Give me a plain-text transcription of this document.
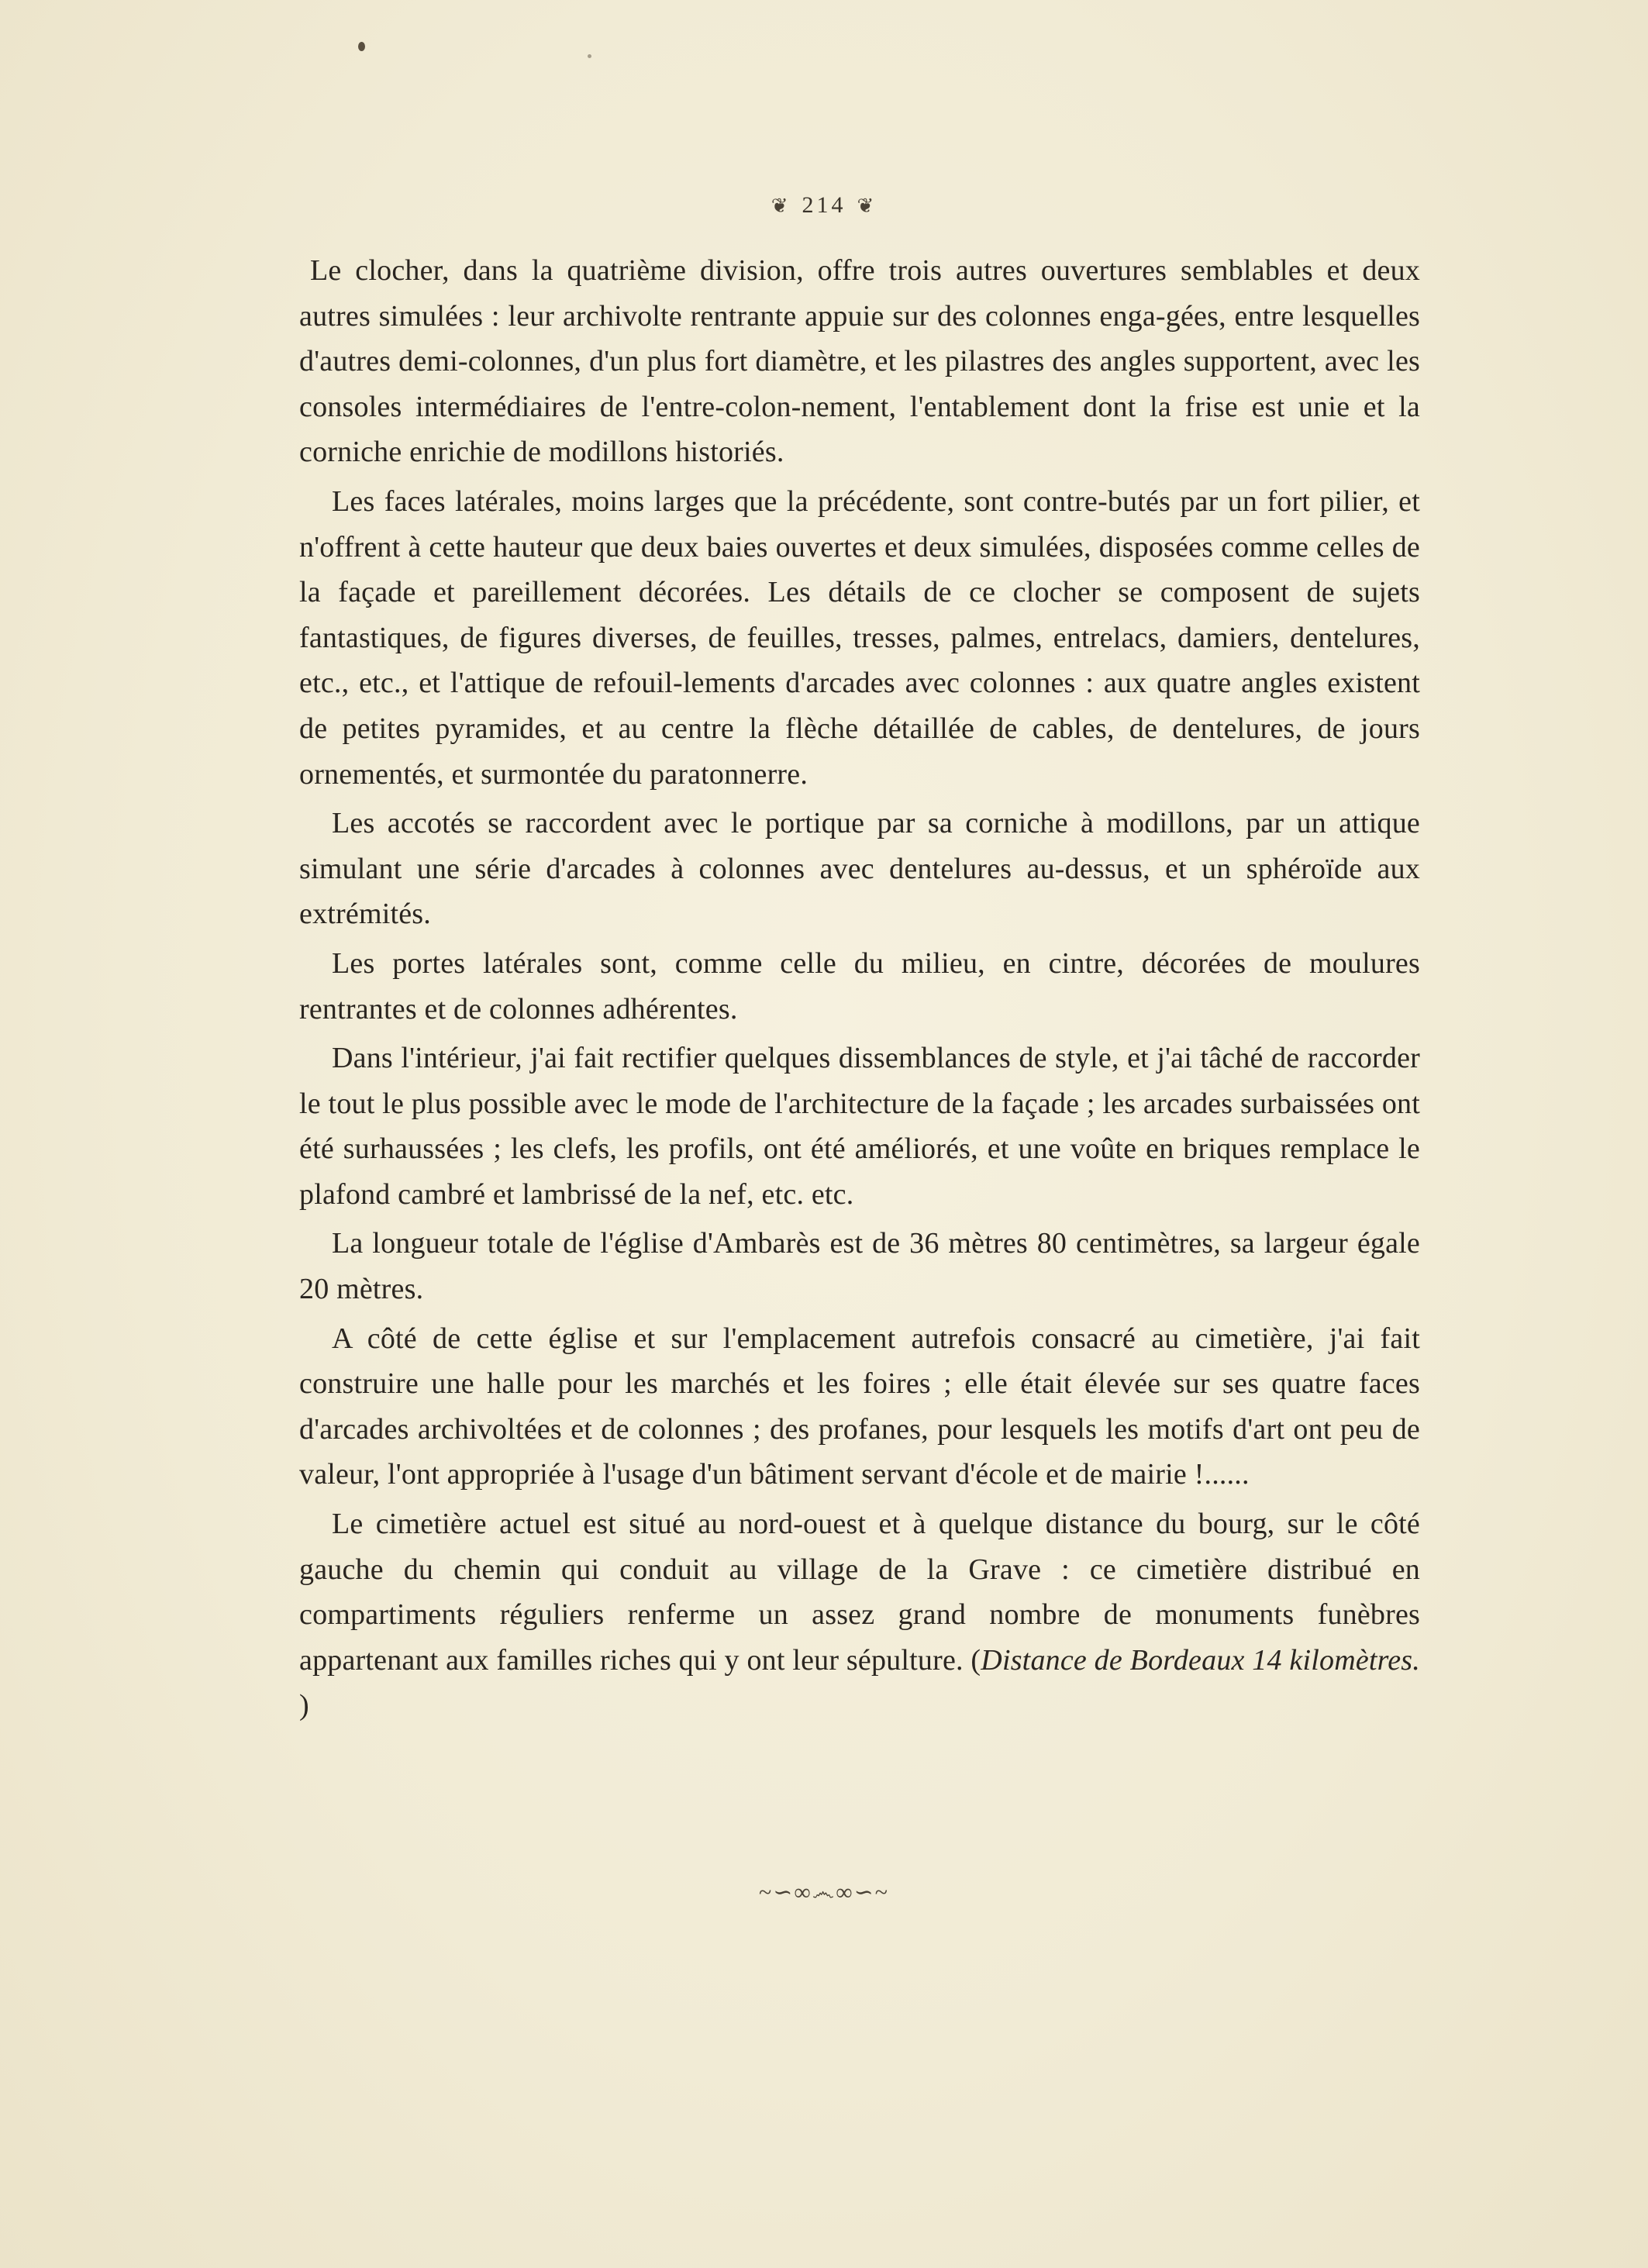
❦ 214 ❦

Le clocher, dans la quatrième division, offre trois autres ouvertures semblables et deux autres simulées : leur archivolte rentrante appuie sur des colonnes enga-gées, entre lesquelles d'autres demi-colonnes, d'un plus fort diamètre, et les pilastres des angles supportent, avec les consoles intermédiaires de l'entre-colon-nement, l'entablement dont la frise est unie et la corniche enrichie de modillons historiés.

Les faces latérales, moins larges que la précédente, sont contre-butés par un fort pilier, et n'offrent à cette hauteur que deux baies ouvertes et deux simulées, disposées comme celles de la façade et pareillement décorées. Les détails de ce clocher se composent de sujets fantastiques, de figures diverses, de feuilles, tresses, palmes, entrelacs, damiers, dentelures, etc., etc., et l'attique de refouil-lements d'arcades avec colonnes : aux quatre angles existent de petites pyramides, et au centre la flèche détaillée de cables, de dentelures, de jours ornementés, et surmontée du paratonnerre.

Les accotés se raccordent avec le portique par sa corniche à modillons, par un attique simulant une série d'arcades à colonnes avec dentelures au-dessus, et un sphéroïde aux extrémités.

Les portes latérales sont, comme celle du milieu, en cintre, décorées de moulures rentrantes et de colonnes adhérentes.

Dans l'intérieur, j'ai fait rectifier quelques dissemblances de style, et j'ai tâché de raccorder le tout le plus possible avec le mode de l'architecture de la façade ; les arcades surbaissées ont été surhaussées ; les clefs, les profils, ont été améliorés, et une voûte en briques remplace le plafond cambré et lambrissé de la nef, etc. etc.

La longueur totale de l'église d'Ambarès est de 36 mètres 80 centimètres, sa largeur égale 20 mètres.

A côté de cette église et sur l'emplacement autrefois consacré au cimetière, j'ai fait construire une halle pour les marchés et les foires ; elle était élevée sur ses quatre faces d'arcades archivoltées et de colonnes ; des profanes, pour lesquels les motifs d'art ont peu de valeur, l'ont appropriée à l'usage d'un bâtiment servant d'école et de mairie !......

Le cimetière actuel est situé au nord-ouest et à quelque distance du bourg, sur le côté gauche du chemin qui conduit au village de la Grave : ce cimetière distribué en compartiments réguliers renferme un assez grand nombre de monuments funèbres appartenant aux familles riches qui y ont leur sépulture. (Distance de Bordeaux 14 kilomètres. )

~∽∞෴∞∽~
